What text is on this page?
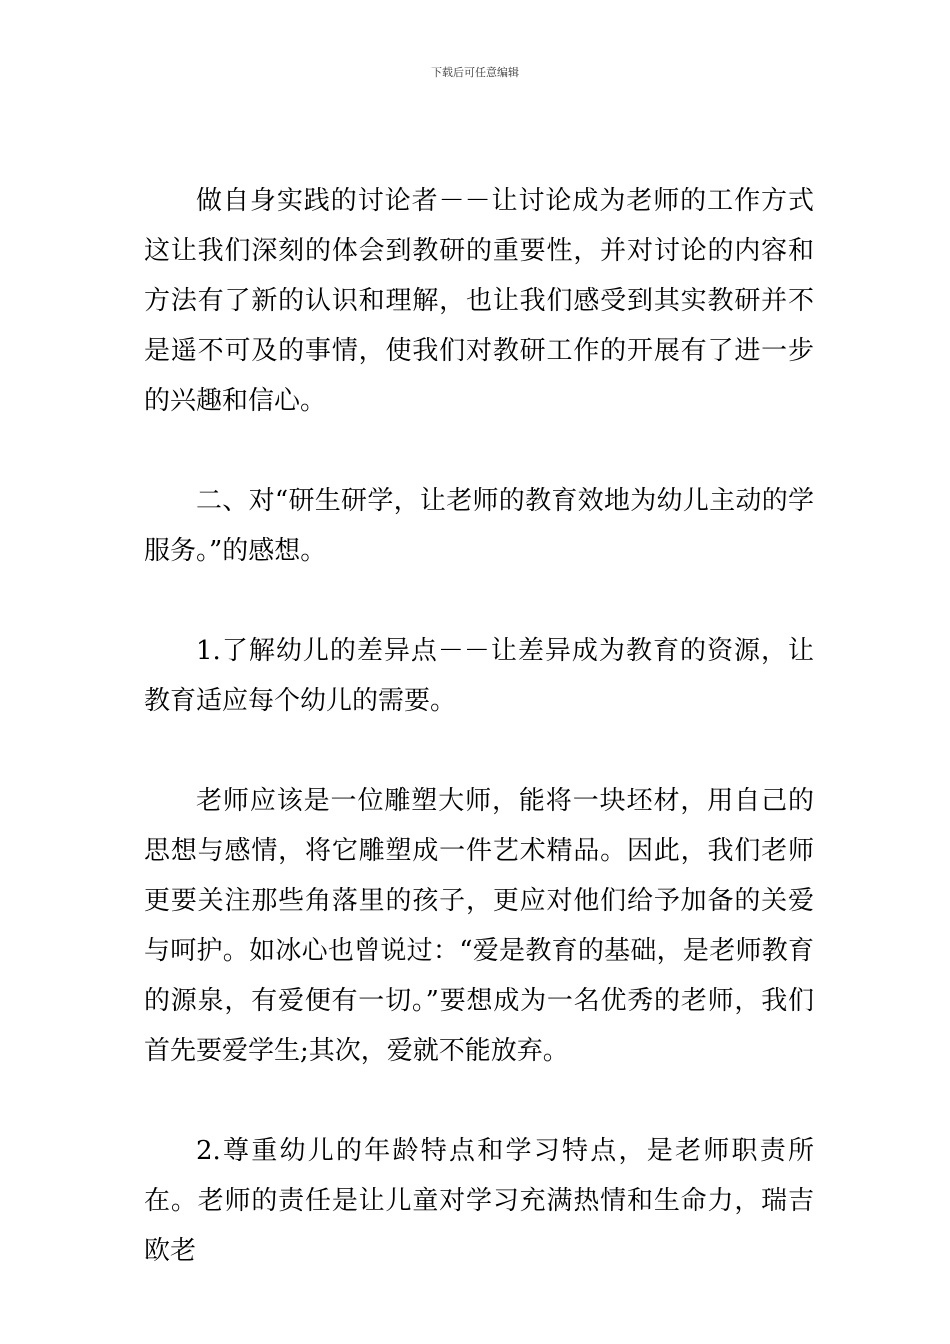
下载后可任意编辑

做自身实践的讨论者－－让讨论成为老师的工作方式这让我们深刻的体会到教研的重要性，并对讨论的内容和方法有了新的认识和理解，也让我们感受到其实教研并不是遥不可及的事情，使我们对教研工作的开展有了进一步的兴趣和信心。

二、对“研生研学，让老师的教育效地为幼儿主动的学服务。”的感想。

1.了解幼儿的差异点－－让差异成为教育的资源，让教育适应每个幼儿的需要。

老师应该是一位雕塑大师，能将一块坯材，用自己的思想与感情，将它雕塑成一件艺术精品。因此，我们老师更要关注那些角落里的孩子，更应对他们给予加备的关爱与呵护。如冰心也曾说过：“爱是教育的基础，是老师教育的源泉，有爱便有一切。”要想成为一名优秀的老师，我们首先要爱学生;其次，爱就不能放弃。

2.尊重幼儿的年龄特点和学习特点，是老师职责所在。老师的责任是让儿童对学习充满热情和生命力，瑞吉欧老
